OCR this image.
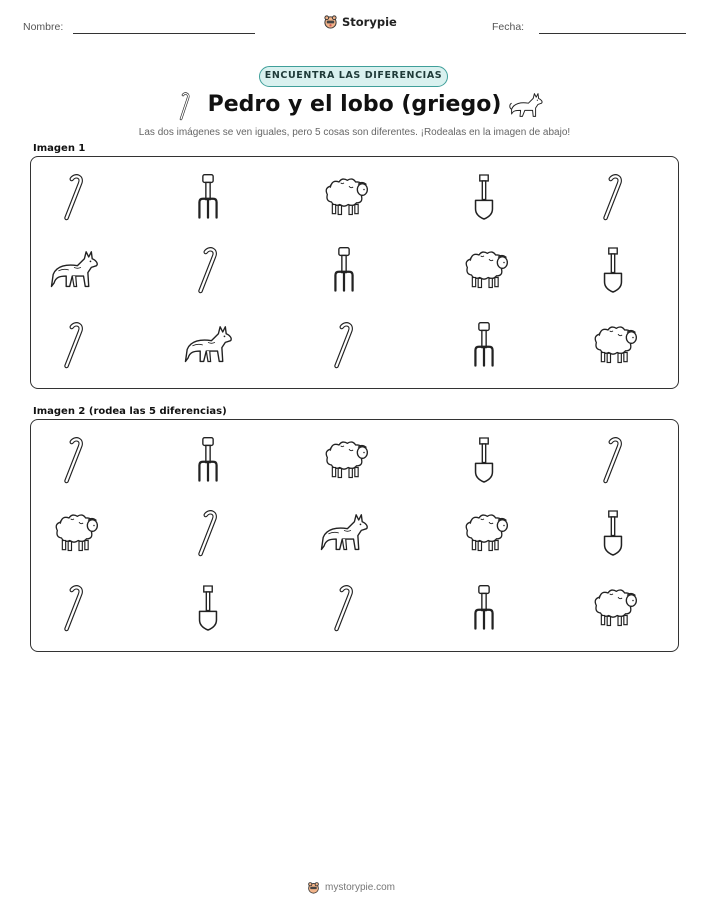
Nombre:	Storypie	Fecha:
ENCUENTRA LAS DIFERENCIAS
Pedro y el lobo (griego)
Las dos imágenes se ven iguales, pero 5 cosas son diferentes. ¡Rodealas en la imagen de abajo!
Imagen 1
Imagen 2 (rodea las 5 diferencias)
mystorypie.com
